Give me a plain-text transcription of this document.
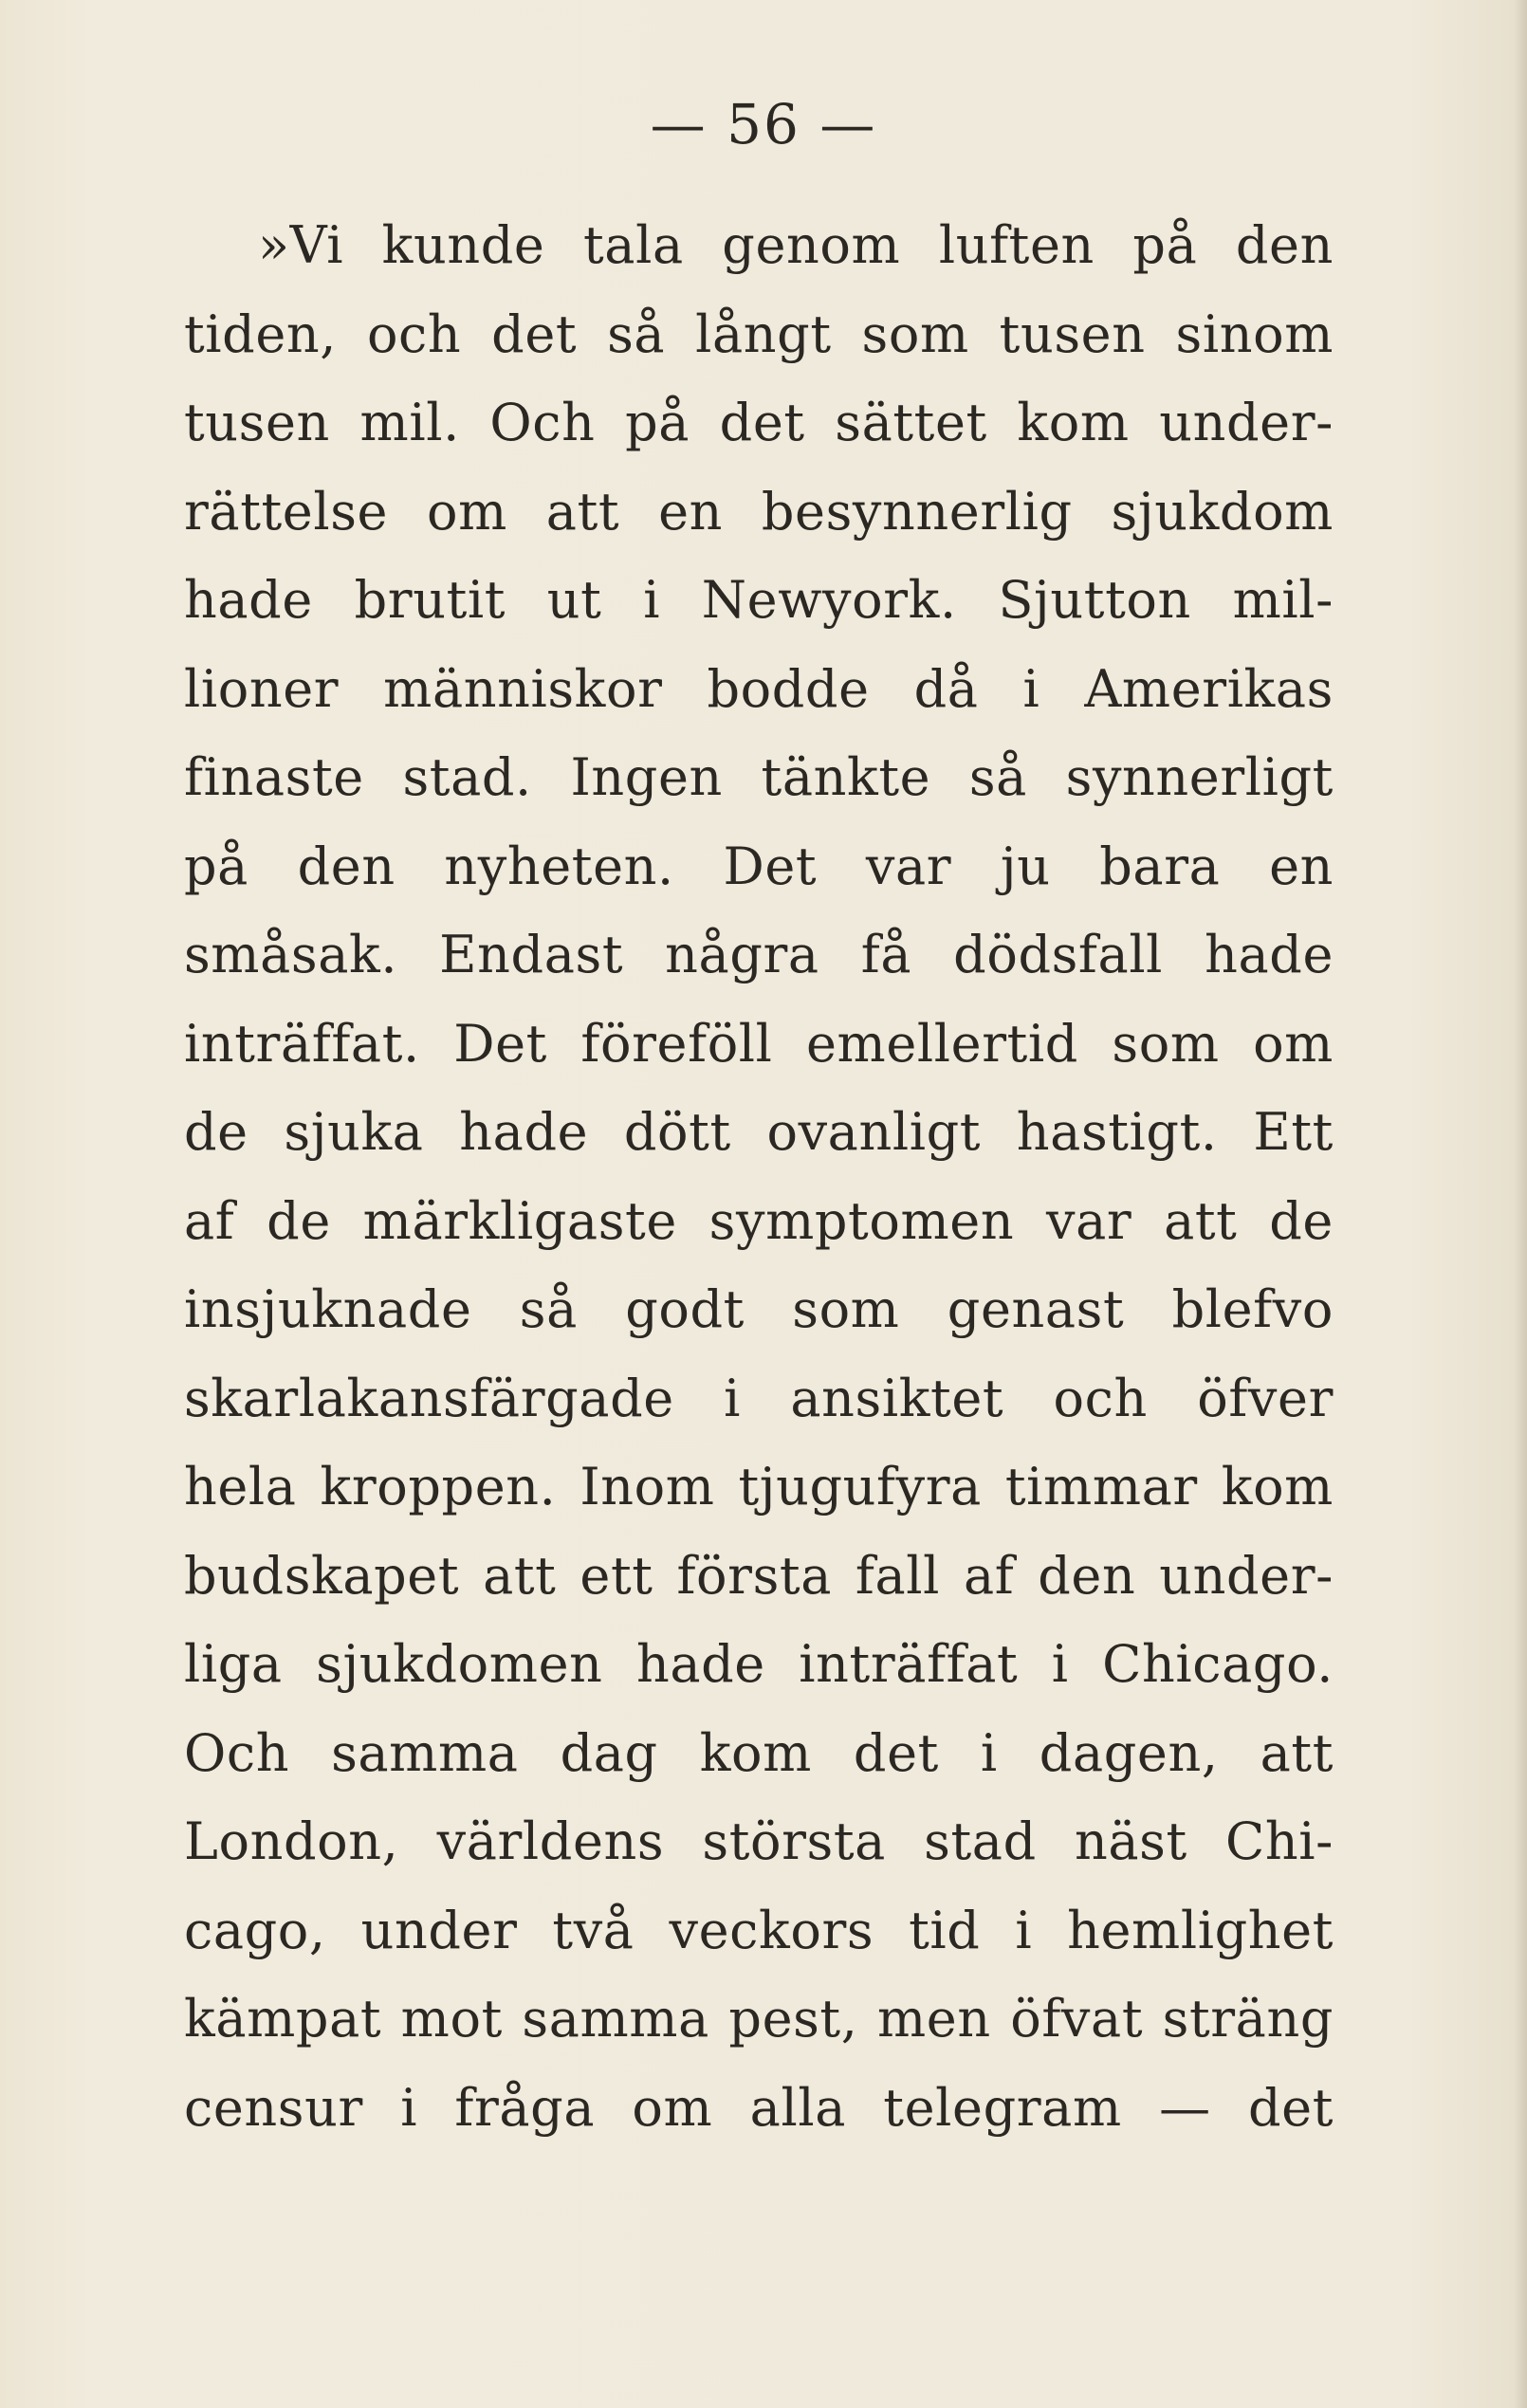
— 56 —
»Vi kunde tala genom luften på den
tiden, och det så långt som tusen sinom
tusen mil. Och på det sättet kom under-
rättelse om att en besynnerlig sjukdom
hade brutit ut i Newyork. Sjutton mil-
lioner människor bodde då i Amerikas
finaste stad. Ingen tänkte så synnerligt
på den nyheten. Det var ju bara en
småsak. Endast några få dödsfall hade
inträffat. Det föreföll emellertid som om
de sjuka hade dött ovanligt hastigt. Ett
af de märkligaste symptomen var att de
insjuknade så godt som genast blefvo
skarlakansfärgade i ansiktet och öfver
hela kroppen. Inom tjugufyra timmar kom
budskapet att ett första fall af den under-
liga sjukdomen hade inträffat i Chicago.
Och samma dag kom det i dagen, att
London, världens största stad näst Chi-
cago, under två veckors tid i hemlighet
kämpat mot samma pest, men öfvat sträng
censur i fråga om alla telegram — det
